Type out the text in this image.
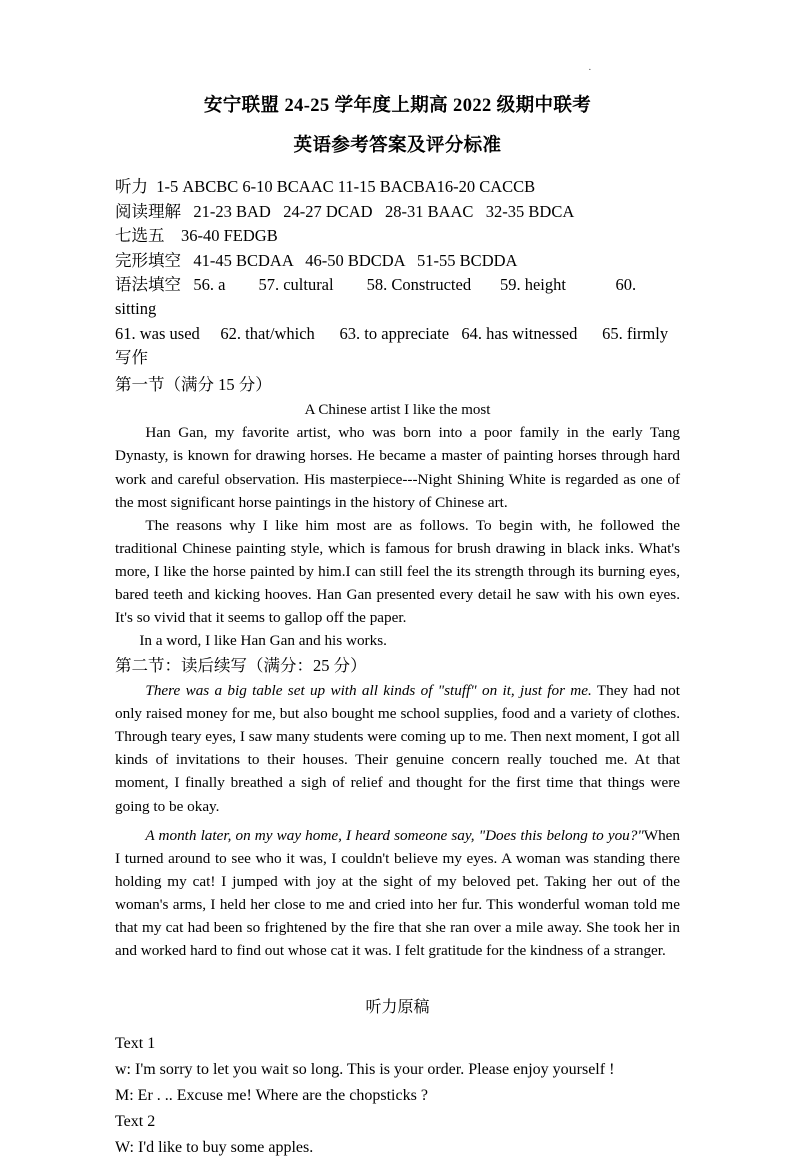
·
安宁联盟 24-25 学年度上期高 2022 级期中联考
英语参考答案及评分标准
听力  1-5 ABCBC 6-10 BCAAC 11-15 BACBA16-20 CACCB
阅读理解   21-23 BAD   24-27 DCAD   28-31 BAAC   32-35 BDCA
七选五    36-40 FEDGB
完形填空   41-45 BCDAA   46-50 BDCDA   51-55 BCDDA
语法填空   56. a        57. cultural        58. Constructed       59. height            60. sitting
61. was used     62. that/which      63. to appreciate   64. has witnessed      65. firmly
写作
第一节（满分 15 分）
A Chinese artist I like the most

Han Gan, my favorite artist, who was born into a poor family in the early Tang Dynasty, is known for drawing horses. He became a master of painting horses through hard work and careful observation. His masterpiece---Night Shining White is regarded as one of the most significant horse paintings in the history of Chinese art.

The reasons why I like him most are as follows. To begin with, he followed the traditional Chinese painting style, which is famous for brush drawing in black inks. What's more, I like the horse painted by him.I can still feel the its strength through its burning eyes, bared teeth and kicking hooves. Han Gan presented every detail he saw with his own eyes. It's so vivid that it seems to gallop off the paper.

In a word, I like Han Gan and his works.

第二节：读后续写（满分：25 分）

There was a big table set up with all kinds of "stuff" on it, just for me. They had not only raised money for me, but also bought me school supplies, food and a variety of clothes. Through teary eyes, I saw many students were coming up to me. Then next moment, I got all kinds of invitations to their houses. Their genuine concern really touched me. At that moment, I finally breathed a sigh of relief and thought for the first time that things were going to be okay.

A month later, on my way home, I heard someone say, "Does this belong to you?"When I turned around to see who it was, I couldn't believe my eyes. A woman was standing there holding my cat! I jumped with joy at the sight of my beloved pet. Taking her out of the woman's arms, I held her close to me and cried into her fur. This wonderful woman told me that my cat had been so frightened by the fire that she ran over a mile away. She took her in and worked hard to find out whose cat it was. I felt gratitude for the kindness of a stranger.

听力原稿
Text 1
w: I'm sorry to let you wait so long. This is your order. Please enjoy yourself !
M: Er . .. Excuse me! Where are the chopsticks ?
Text 2
W: I'd like to buy some apples.
